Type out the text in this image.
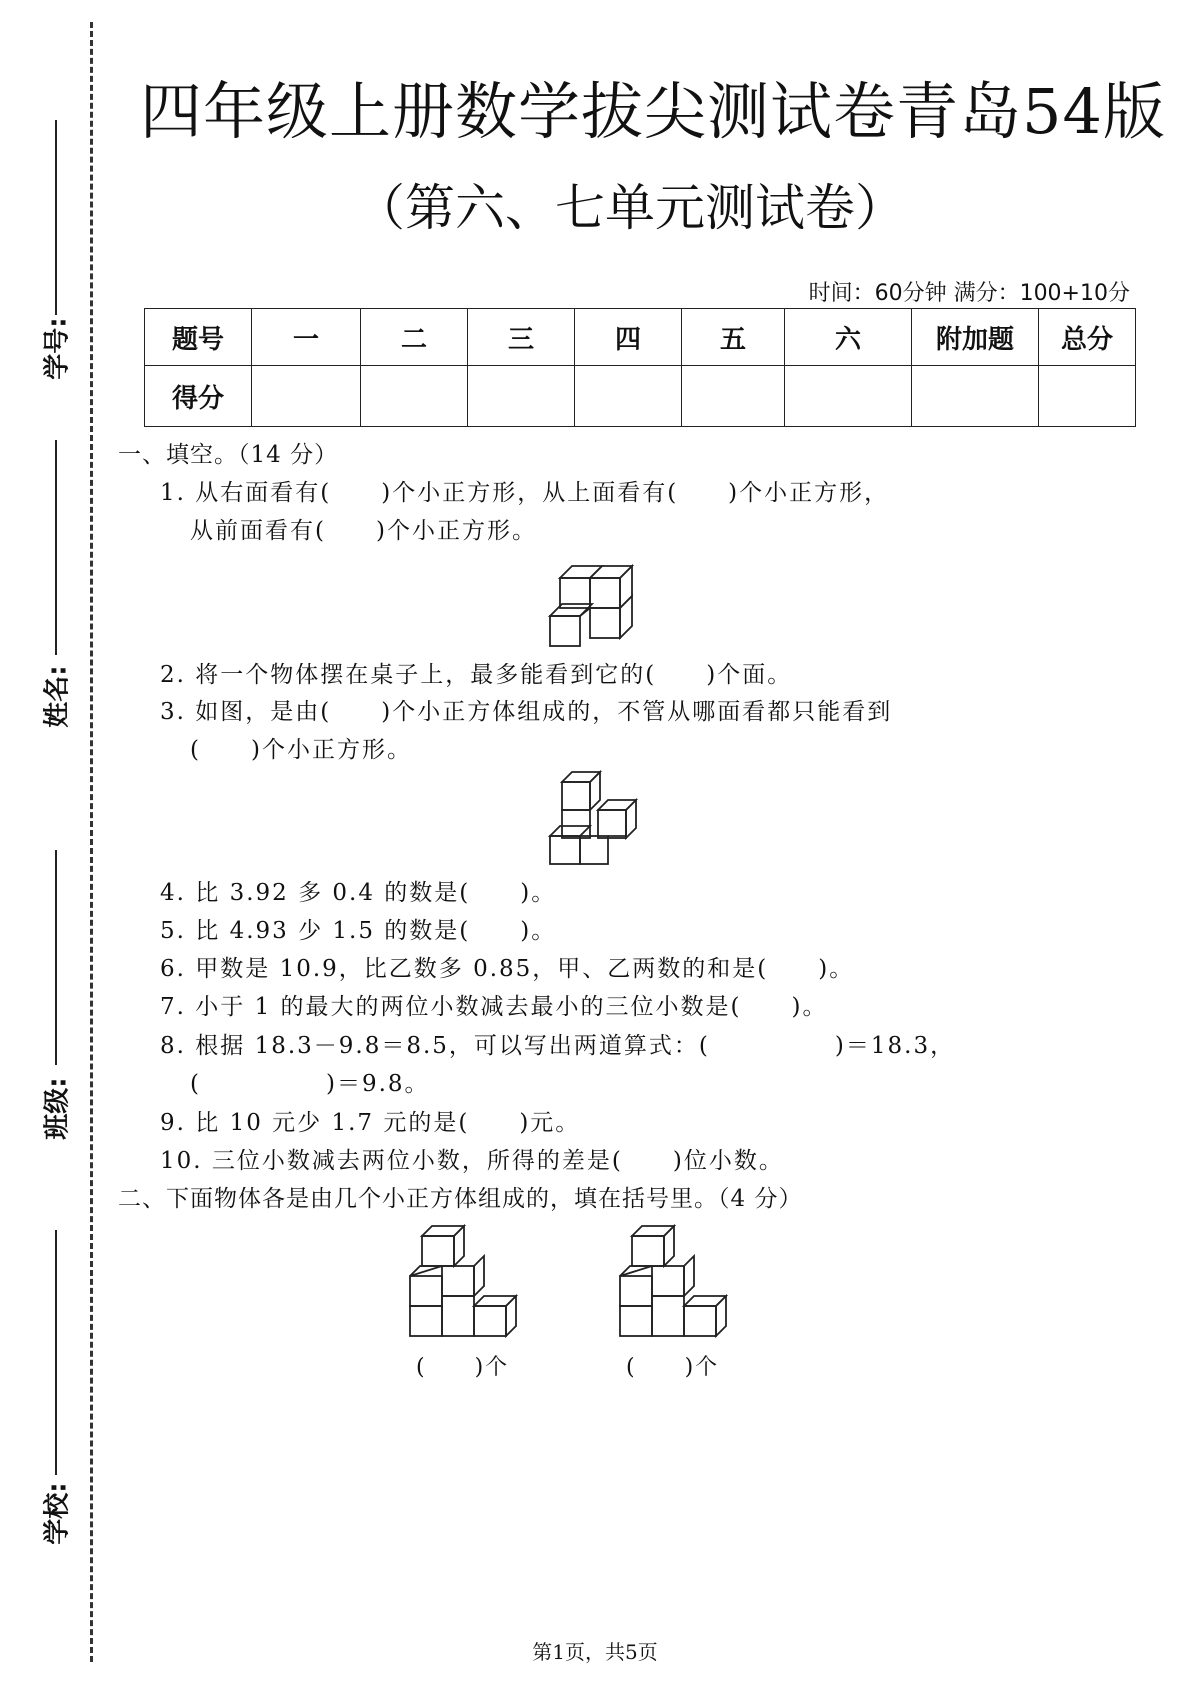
学号:
姓名:
班级:
学校:
四年级上册数学拔尖测试卷青岛54版
（第六、七单元测试卷）
时间：60分钟 满分：100+10分
题号	一	二	三	四	五	六	附加题	总分
得分								
一、填空。（14 分）
1. 从右面看有(　　)个小正方形，从上面看有(　　)个小正方形，
从前面看有(　　)个小正方形。
2. 将一个物体摆在桌子上，最多能看到它的(　　)个面。
3. 如图，是由(　　)个小正方体组成的，不管从哪面看都只能看到
(　　)个小正方形。
4. 比 3.92 多 0.4 的数是(　　)。
5. 比 4.93 少 1.5 的数是(　　)。
6. 甲数是 10.9，比乙数多 0.85，甲、乙两数的和是(　　)。
7. 小于 1 的最大的两位小数减去最小的三位小数是(　　)。
8. 根据 18.3－9.8＝8.5，可以写出两道算式：(　　　　　)＝18.3，
(　　　　　)＝9.8。
9. 比 10 元少 1.7 元的是(　　)元。
10. 三位小数减去两位小数，所得的差是(　　)位小数。
二、下面物体各是由几个小正方体组成的，填在括号里。（4 分）
(　　)个	(　　)个
第1页，共5页
